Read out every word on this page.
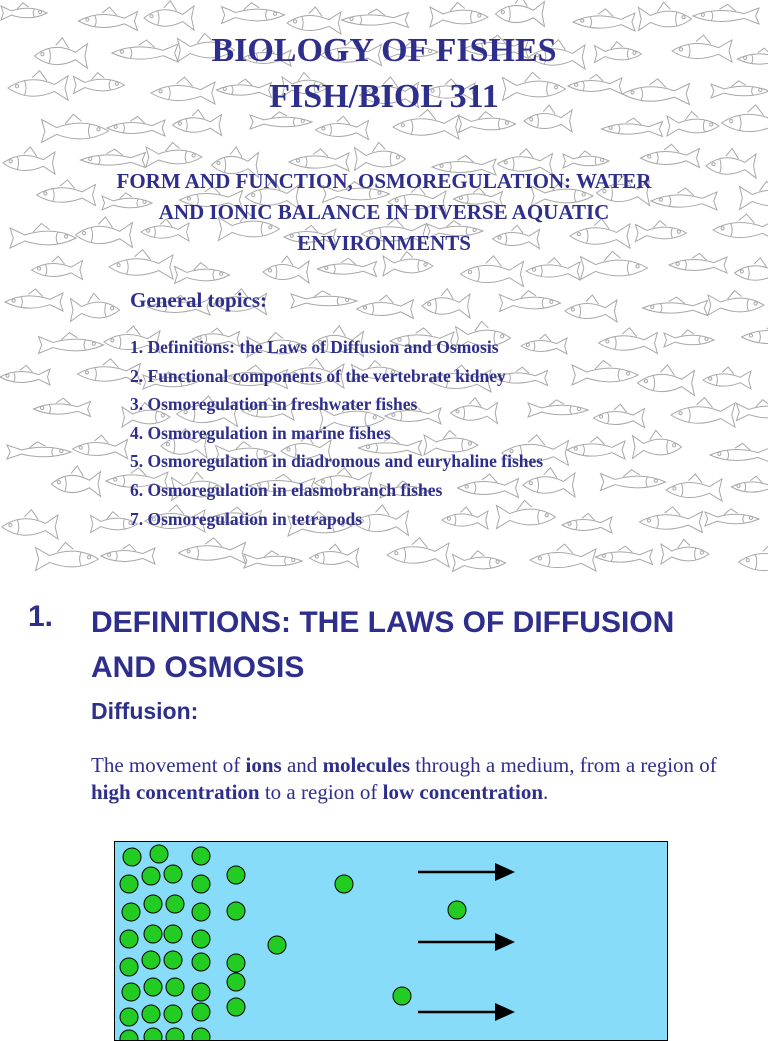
BIOLOGY OF FISHES
FISH/BIOL 311
FORM AND FUNCTION, OSMOREGULATION: WATER
AND IONIC BALANCE IN DIVERSE AQUATIC
ENVIRONMENTS
General topics:
1. Definitions: the Laws of Diffusion and Osmosis
2. Functional components of the vertebrate kidney
3. Osmoregulation in freshwater fishes
4. Osmoregulation in marine fishes
5. Osmoregulation in diadromous and euryhaline fishes
6. Osmoregulation in elasmobranch fishes
7. Osmoregulation in tetrapods
1. DEFINITIONS: THE LAWS OF DIFFUSION AND OSMOSIS
Diffusion:
The movement of ions and molecules through a medium, from a region of high concentration to a region of low concentration.
